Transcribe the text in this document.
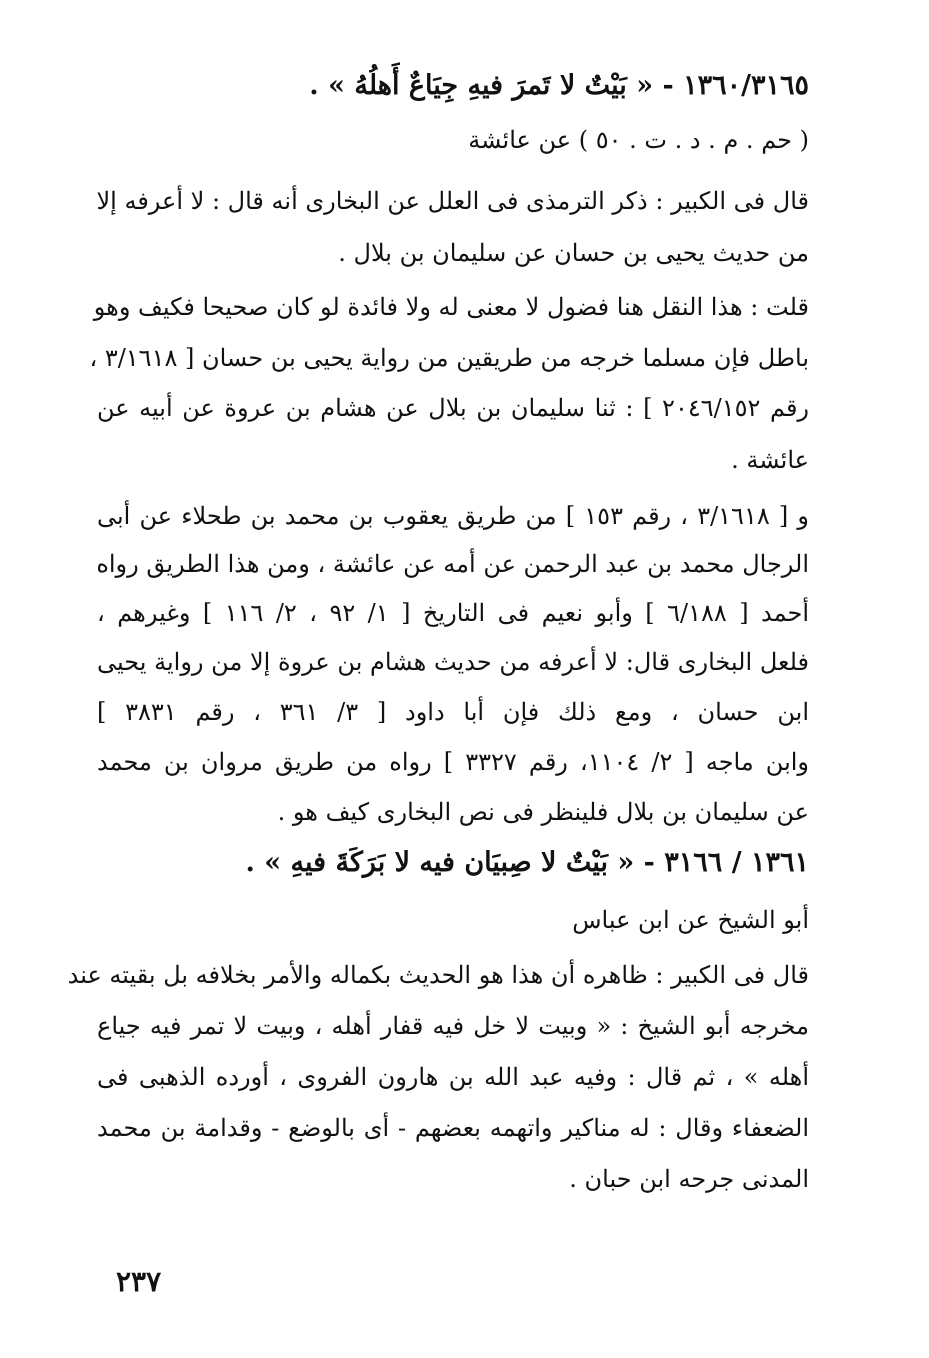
١٣٦٠/٣١٦٥ - « بَيْتٌ لا تَمرَ فيهِ جِيَاعٌ أَهلُهُ » .
( حم . م . د . ت . ٥٠ ) عن عائشة
قال فى الكبير : ذكر الترمذى فى العلل عن البخارى أنه قال : لا أعرفه إلا
من حديث يحيى بن حسان عن سليمان بن بلال .
قلت : هذا النقل هنا فضول لا معنى له ولا فائدة لو كان صحيحا فكيف وهو
باطل فإن مسلما خرجه من طريقين من رواية يحيى بن حسان [ ٣/١٦١٨ ،
رقم ٢٠٤٦/١٥٢ ] : ثنا سليمان بن بلال عن هشام بن عروة عن أبيه عن
عائشة .
و [ ٣/١٦١٨ ، رقم ١٥٣ ] من طريق يعقوب بن محمد بن طحلاء عن أبى
الرجال محمد بن عبد الرحمن عن أمه عن عائشة ، ومن هذا الطريق رواه
أحمد [ ٦/١٨٨ ] وأبو نعيم فى التاريخ [ ١/ ٩٢ ، ٢/ ١١٦ ] وغيرهم ،
فلعل البخارى قال: لا أعرفه من حديث هشام بن عروة إلا من رواية يحيى
ابن حسان ، ومع ذلك فإن أبا داود [ ٣/ ٣٦١ ، رقم ٣٨٣١ ]
وابن ماجه [ ٢/ ١١٠٤، رقم ٣٣٢٧ ] رواه من طريق مروان بن محمد
عن سليمان بن بلال فلينظر فى نص البخارى كيف هو .
١٣٦١ / ٣١٦٦ - « بَيْتٌ لا صِبيَان فيه لا بَرَكَةَ فيهِ » .
أبو الشيخ عن ابن عباس
قال فى الكبير : ظاهره أن هذا هو الحديث بكماله والأمر بخلافه بل بقيته عند
مخرجه أبو الشيخ : « وبيت لا خل فيه قفار أهله ، وبيت لا تمر فيه جياع
أهله » ، ثم قال : وفيه عبد الله بن هارون الفروى ، أورده الذهبى فى
الضعفاء وقال : له مناكير واتهمه بعضهم - أى بالوضع - وقدامة بن محمد
المدنى جرحه ابن حبان .
٢٣٧
